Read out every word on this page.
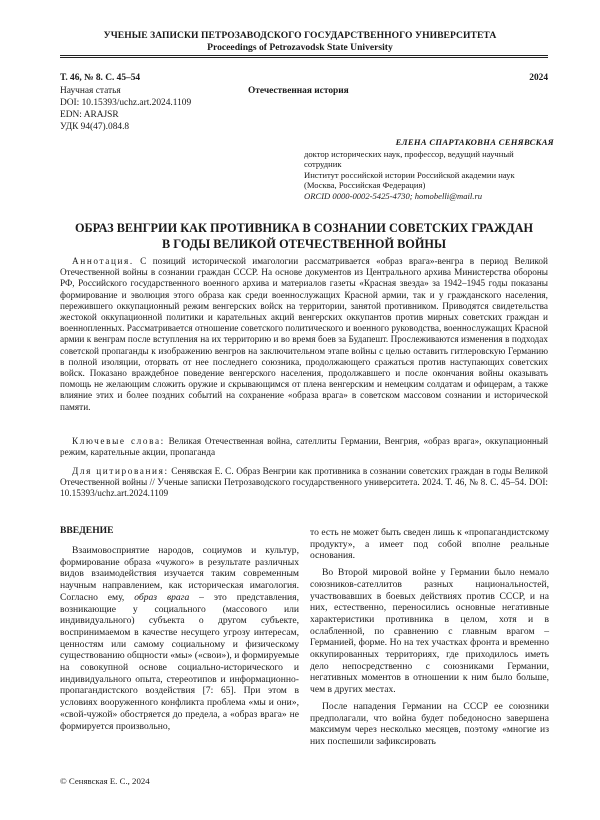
УЧЕНЫЕ ЗАПИСКИ ПЕТРОЗАВОДСКОГО ГОСУДАРСТВЕННОГО УНИВЕРСИТЕТА
Proceedings of Petrozavodsk State University
Т. 46, № 8. С. 45–54	2024
Научная статья	Отечественная история
DOI: 10.15393/uchz.art.2024.1109
EDN: ARAJSR
УДК 94(47).084.8
ЕЛЕНА СПАРТАКОВНА СЕНЯВСКАЯ
доктор исторических наук, профессор, ведущий научный
сотрудник
Институт российской истории Российской академии наук
(Москва, Российская Федерация)
ORCID 0000-0002-5425-4730; homobelli@mail.ru
ОБРАЗ ВЕНГРИИ КАК ПРОТИВНИКА В СОЗНАНИИ СОВЕТСКИХ ГРАЖДАН
В ГОДЫ ВЕЛИКОЙ ОТЕЧЕСТВЕННОЙ ВОЙНЫ

Аннотация. С позиций исторической имагологии рассматривается «образ врага»-венгра в период Великой Отечественной войны в сознании граждан СССР. На основе документов из Центрального архива Министерства обороны РФ, Российского государственного военного архива и материалов газеты «Красная звезда» за 1942–1945 годы показаны формирование и эволюция этого образа как среди военнослужащих Красной армии, так и у гражданского населения, пережившего оккупационный режим венгерских войск на территории, занятой противником. Приводятся свидетельства жестокой оккупационной политики и карательных акций венгерских оккупантов против мирных советских граждан и военнопленных. Рассматривается отношение советского политического и военного руководства, военнослужащих Красной армии к венграм после вступления на их территорию и во время боев за Будапешт. Прослеживаются изменения в подходах советской пропаганды к изображению венгров на заключительном этапе войны с целью оставить гитлеровскую Германию в полной изоляции, оторвать от нее последнего союзника, продолжающего сражаться против наступающих советских войск. Показано враждебное поведение венгерского населения, продолжавшего и после окончания войны оказывать помощь не желающим сложить оружие и скрывающимся от плена венгерским и немецким солдатам и офицерам, а также влияние этих и более поздних событий на сохранение «образа врага» в советском массовом сознании и исторической памяти.

Ключевые слова: Великая Отечественная война, сателлиты Германии, Венгрия, «образ врага», оккупационный режим, карательные акции, пропаганда

Для цитирования: Сенявская Е. С. Образ Венгрии как противника в сознании советских граждан в годы Великой Отечественной войны // Ученые записки Петрозаводского государственного университета. 2024. Т. 46, № 8. С. 45–54. DOI: 10.15393/uchz.art.2024.1109

ВВЕДЕНИЕ

Взаимовосприятие народов, социумов и культур, формирование образа «чужого» в результате различных видов взаимодействия изучается таким современным научным направлением, как историческая имагология. Согласно ему, образ врага – это представления, возникающие у социального (массового или индивидуального) субъекта о другом субъекте, воспринимаемом в качестве несущего угрозу интересам, ценностям или самому социальному и физическому существованию общности «мы» («свои»), и формируемые на совокупной основе социально-исторического и индивидуального опыта, стереотипов и информационно-пропагандистского воздействия [7: 65]. При этом в условиях вооруженного конфликта проблема «мы и они», «свой-чужой» обостряется до предела, а «образ врага» не формируется произвольно,

то есть не может быть сведен лишь к «пропагандистскому продукту», а имеет под собой вполне реальные основания.

Во Второй мировой войне у Германии было немало союзников-сателлитов разных национальностей, участвовавших в боевых действиях против СССР, и на них, естественно, переносились основные негативные характеристики противника в целом, хотя и в ослабленной, по сравнению с главным врагом – Германией, форме. Но на тех участках фронта и временно оккупированных территориях, где приходилось иметь дело непосредственно с союзниками Германии, негативных моментов в отношении к ним было больше, чем в других местах.

После нападения Германии на СССР ее союзники предполагали, что война будет победоносно завершена максимум через несколько месяцев, поэтому «многие из них поспешили зафиксировать

© Сенявская Е. С., 2024
